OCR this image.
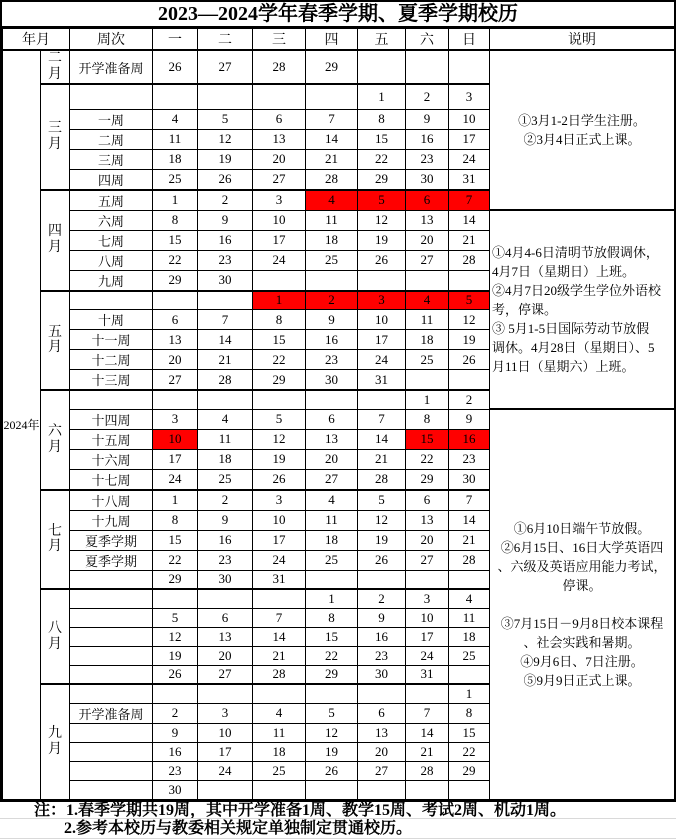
2023—2024学年春季学期、夏季学期校历
年月		周次	一	二	三	四	五	六	日	说明
2024年	二月	开学准备周	26	27	28	29				①3月1-2日学生注册。
②3月4日正式上课。

	三月						1	2	3	
		一周	4	5	6	7	8	9	10	
		二周	11	12	13	14	15	16	17	
		三周	18	19	20	21	22	23	24	
		四周	25	26	27	28	29	30	31	

	四月	五周	1	2	3	4	5	6	7	
六周	8	9	10	11	12	13	14	
①4月4-6日清明节放假调休，
4月7日（星期日）上班。
②4月7日20级学生学位外语校
考，停课。
③ 5月1-5日国际劳动节放假
调休。4月28日（星期日）、5
月11日（星期六）上班。

		七周	15	16	17	18	19	20	21	
		八周	22	23	24	25	26	27	28	
		九周	29	30						

	五月				1	2	3	4	5	
		十周	6	7	8	9	10	11	12	
		十一周	13	14	15	16	17	18	19	
		十二周	20	21	22	23	24	25	26	
		十三周	27	28	29	30	31			

	六月							1	2	
十四周	3	4	5	6	7	8	9	
①6月10日端午节放假。
②6月15日、16日大学英语四
、六级及英语应用能力考试，
停课。
③7月15日－9月8日校本课程
、社会实践和暑期。
④9月6日、7日注册。
⑤9月9日正式上课。

		十五周	10	11	12	13	14	15	16	
		十六周	17	18	19	20	21	22	23	
		十七周	24	25	26	27	28	29	30	

	七月	十八周	1	2	3	4	5	6	7	
		十九周	8	9	10	11	12	13	14	
		夏季学期	15	16	17	18	19	20	21	
		夏季学期	22	23	24	25	26	27	28	
			29	30	31					

	八月					1	2	3	4	
			5	6	7	8	9	10	11	
			12	13	14	15	16	17	18	
			19	20	21	22	23	24	25	
			26	27	28	29	30	31		

	九月								1	
		开学准备周	2	3	4	5	6	7	8	
			9	10	11	12	13	14	15	
			16	17	18	19	20	21	22	
			23	24	25	26	27	28	29	
			30							
注：1.春季学期共19周，其中开学准备1周、教学15周、考试2周、机动1周。
2.参考本校历与教委相关规定单独制定贯通校历。
